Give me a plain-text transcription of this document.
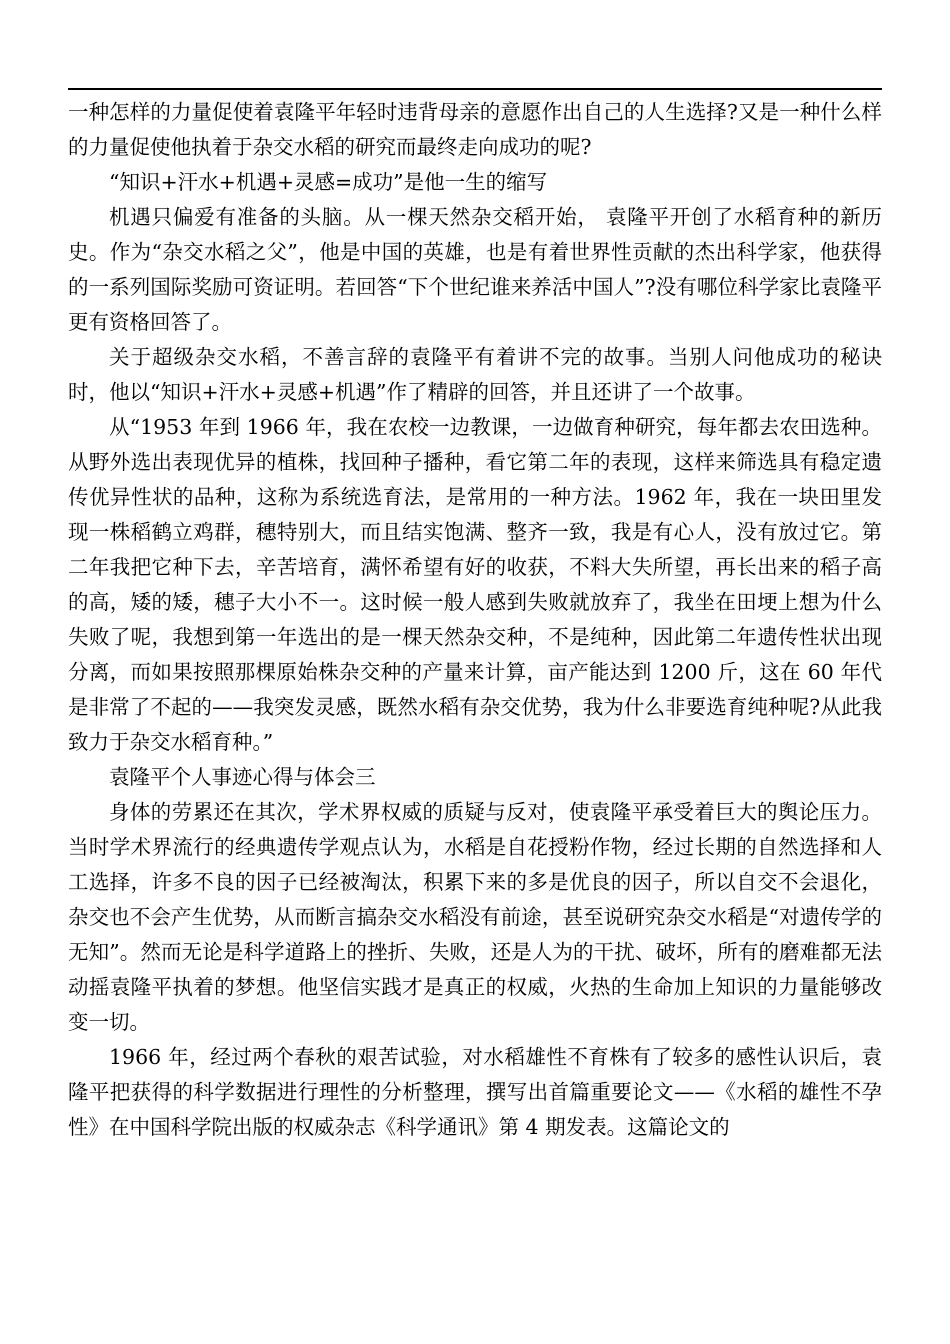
一种怎样的力量促使着袁隆平年轻时违背母亲的意愿作出自己的人生选择?又是一种什么样的力量促使他执着于杂交水稻的研究而最终走向成功的呢?

“知识+汗水+机遇+灵感=成功”是他一生的缩写

机遇只偏爱有准备的头脑。从一棵天然杂交稻开始， 袁隆平开创了水稻育种的新历史。作为“杂交水稻之父”，他是中国的英雄，也是有着世界性贡献的杰出科学家，他获得的一系列国际奖励可资证明。若回答“下个世纪谁来养活中国人”?没有哪位科学家比袁隆平更有资格回答了。

关于超级杂交水稻，不善言辞的袁隆平有着讲不完的故事。当别人问他成功的秘诀时，他以“知识+汗水+灵感+机遇”作了精辟的回答，并且还讲了一个故事。

从“1953 年到 1966 年，我在农校一边教课，一边做育种研究，每年都去农田选种。从野外选出表现优异的植株，找回种子播种，看它第二年的表现，这样来筛选具有稳定遗传优异性状的品种，这称为系统选育法，是常用的一种方法。1962 年，我在一块田里发现一株稻鹤立鸡群，穗特别大，而且结实饱满、整齐一致，我是有心人，没有放过它。第二年我把它种下去，辛苦培育，满怀希望有好的收获，不料大失所望，再长出来的稻子高的高，矮的矮，穗子大小不一。这时候一般人感到失败就放弃了，我坐在田埂上想为什么失败了呢，我想到第一年选出的是一棵天然杂交种，不是纯种，因此第二年遗传性状出现分离，而如果按照那棵原始株杂交种的产量来计算，亩产能达到 1200 斤，这在 60 年代是非常了不起的——我突发灵感，既然水稻有杂交优势，我为什么非要选育纯种呢?从此我致力于杂交水稻育种。”

袁隆平个人事迹心得与体会三

身体的劳累还在其次，学术界权威的质疑与反对，使袁隆平承受着巨大的舆论压力。当时学术界流行的经典遗传学观点认为，水稻是自花授粉作物，经过长期的自然选择和人工选择，许多不良的因子已经被淘汰，积累下来的多是优良的因子，所以自交不会退化，杂交也不会产生优势，从而断言搞杂交水稻没有前途，甚至说研究杂交水稻是“对遗传学的无知”。然而无论是科学道路上的挫折、失败，还是人为的干扰、破坏，所有的磨难都无法动摇袁隆平执着的梦想。他坚信实践才是真正的权威，火热的生命加上知识的力量能够改变一切。

1966 年，经过两个春秋的艰苦试验，对水稻雄性不育株有了较多的感性认识后，袁隆平把获得的科学数据进行理性的分析整理，撰写出首篇重要论文——《水稻的雄性不孕性》在中国科学院出版的权威杂志《科学通讯》第 4 期发表。这篇论文的
